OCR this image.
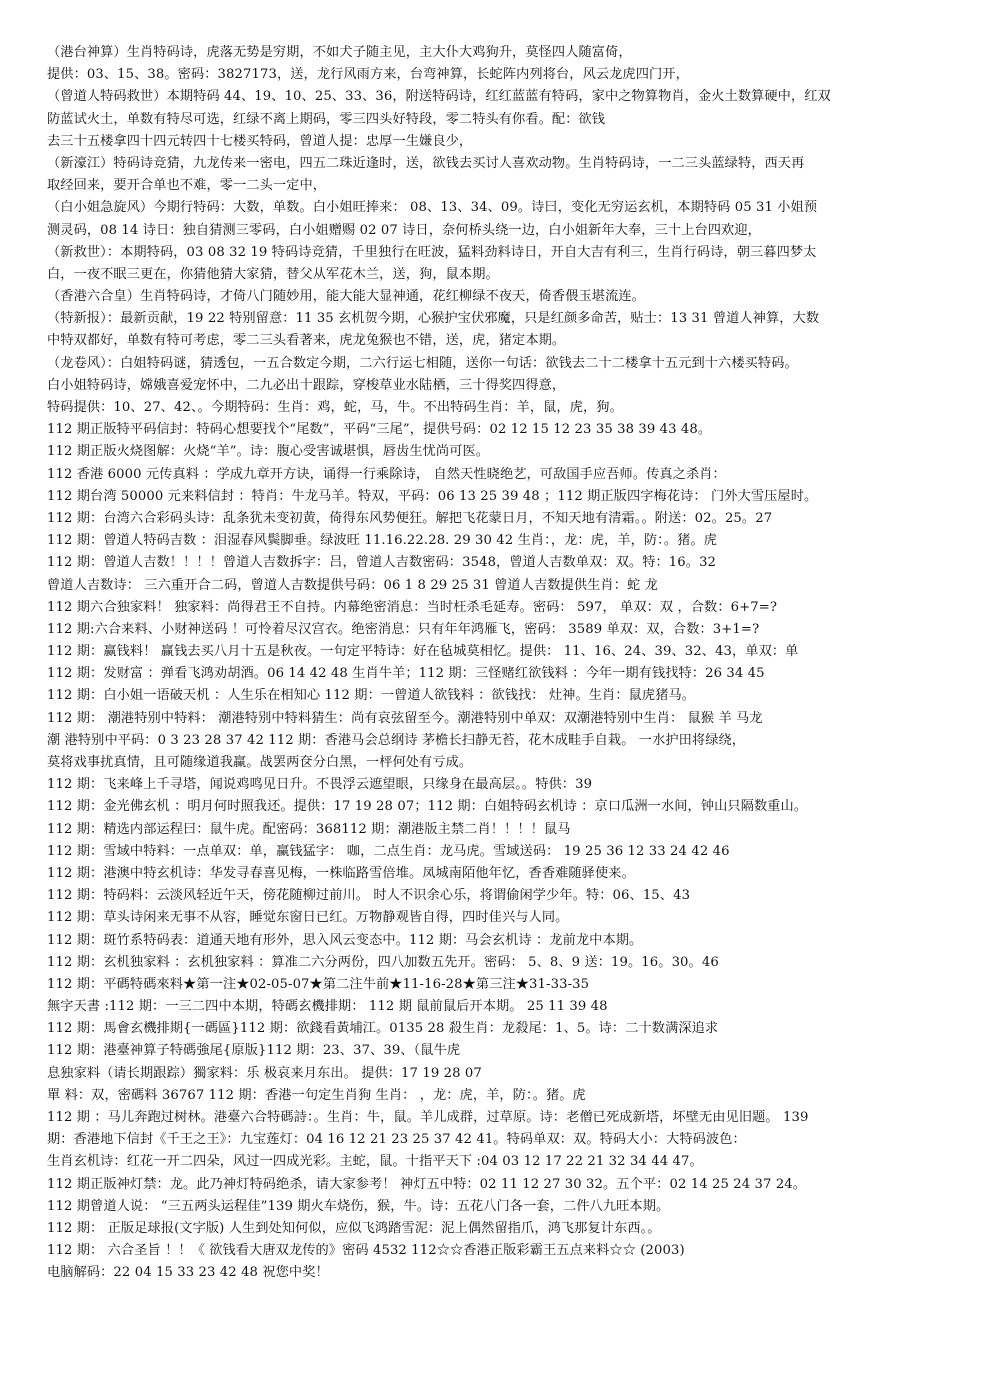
（港台神算）生肖特码诗，虎落无势是穷期，不如犬子随主见，主大仆大鸡狗升，莫怪四人随富倚，
提供：03、15、38。密码：3827173，送，龙行风雨方来，台弯神算，长蛇阵内列将台，风云龙虎四门开，
（曾道人特码救世）本期特码 44、19、10、25、33、36，附送特码诗，红红蓝蓝有特码，家中之物算物肖，金火土数算硬中，红双
防蓝试火土，单数有特尽可选，红绿不离上期码，零三四头好特段，零二特头有你看。配：欲钱
去三十五楼拿四十四元转四十七楼买特码，曾道人提：忠厚一生嫌良少，
（新濠江）特码诗竞猜，九龙传来一密电，四五二珠近逢时，送，欲钱去买讨人喜欢动物。生肖特码诗，一二三头蓝绿特，西天再
取经回来，要开合单也不难，零一二头一定中，
（白小姐急旋风）今期行特码：大数，单数。白小姐旺捧来： 08、13、34、09。诗曰，变化无穷运玄机，本期特码 05 31 小姐预
测灵码，08 14 诗日：独自猜测三零码，白小姐赠赐 02 07 诗日，奈何桥头绕一边，白小姐新年大奉，三十上台四欢迎，
（新救世）：本期特码，03 08 32 19 特码诗竞猜，千里独行在旺波，猛料劲料诗日，开自大吉有利三，生肖行码诗，朝三暮四梦太
白，一夜不眠三更在，你猜他猜大家猜，替父从军花木兰，送，狗，鼠本期。
（香港六合皇）生肖特码诗，才倚八门随妙用，能大能大显神通，花红柳绿不夜天，倚香偎玉堪流连。
（特新报）：最新贡献，19 22 特别留意：11 35 玄机贺今期，心猴护宝伏邪魔，只是红颜多命苦，贴士：13 31 曾道人神算，大数
中特双都好，单数有特可考虑，零二三头看著来，虎龙兔猴也不错，送，虎，猪定本期。
（龙卷风）：白姐特码谜，猜透包，一五合数定今期，二六行运七相随，送你一句话：欲钱去二十二楼拿十五元到十六楼买特码。
白小姐特码诗，嫦娥喜爱宠怀中，二九必出十跟踪，穿梭草业水陆栖，三十得奖四得意，
特码提供：10、27、42、。今期特码：生肖：鸡，蛇，马，牛。不出特码生肖：羊，鼠，虎，狗。
112 期正版特平码信封：特码心想要找个“尾数”，平码“三尾”，提供号码：02 12 15 12 23 35 38 39 43 48。
112 期正版火烧图解：火烧“羊”。诗：腹心受害诚堪惧，唇齿生忧尚可医。
112 香港 6000 元传真料 ：学成九章开方诀，诵得一行乘除诗， 自然天性晓绝艺，可敌国手应吾师。传真之杀肖：
112 期台湾 50000 元来料信封 ：特肖：牛龙马羊。特双，平码：06 13 25 39 48 ；112 期正版四字梅花诗： 门外大雪压屋时。
112 期：台湾六合彩码头诗：乱条犹未变初黄，倚得东风势便狂。解把飞花蒙日月，不知天地有清霜。。附送：02。25。27
112 期：曾道人特码吉数 ：泪湿春风鬓脚垂。绿波旺 11.16.22.28. 29 30 42 生肖：，龙：虎，羊，防：。猪。虎
112 期：曾道人吉数！！！！曾道人吉数拆字：吕，曾道人吉数密码：3548，曾道人吉数单双：双。特：16。32
曾道人吉数诗： 三六重开合二码，曾道人吉数提供号码：06 1 8 29 25 31 曾道人吉数提供生肖：蛇 龙
112 期六合独家料！ 独家料：尚得君王不自持。内幕绝密消息：当时枉杀毛延寿。密码： 597， 单双：双 ，合数：6+7=?
112 期:六合来料、小财神送码 ！可怜着尽汉宫衣。绝密消息：只有年年鸿雁飞，密码： 3589 单双：双，合数：3+1=?
112 期：赢钱料！ 赢钱去买八月十五是秋夜。一句定平特诗：好在毡城莫相忆。提供： 11、16、24、39、32、43，单双：单
112 期：发财富 ：弹看飞鸿劝胡酒。06 14 42 48 生肖牛羊；112 期：三怪赌红欲钱料 ：今年一期有钱找特：26 34 45
112 期：白小姐一语破天机 ：人生乐在相知心 112 期：一曾道人欲钱料 ：欲钱找： 灶神。生肖：鼠虎猪马。
112 期： 潮港特别中特料： 潮港特别中特料猜生：尚有哀弦留至今。潮港特别中单双：双潮港特别中生肖： 鼠猴 羊 马龙
潮 港特别中平码：0 3 23 28 37 42 112 期：香港马会总纲诗 茅檐长扫静无苔，花木成畦手自栽。 一水护田将绿绕，
莫将戏事扰真情，且可随缘道我赢。战罢两奁分白黑，一枰何处有亏成。
112 期：飞来峰上千寻塔，闻说鸡鸣见日升。不畏浮云遮望眼，只缘身在最高层。。特供：39
112 期：金光佛玄机 ：明月何时照我还。提供：17 19 28 07；112 期：白姐特码玄机诗 ：京口瓜洲一水间，钟山只隔数重山。
112 期：精选内部运程曰：鼠牛虎。配密码：368112 期：潮港版主禁二肖！！！！鼠马
112 期：雪域中特料：一点单双：单，赢钱猛字： 咖，二点生肖：龙马虎。雪域送码： 19 25 36 12 33 24 42 46
112 期：港澳中特玄机诗：华发寻春喜见梅，一株临路雪倍堆。凤城南陌他年忆，香香难随驿使来。
112 期：特码料：云淡风轻近午天，傍花随柳过前川。 时人不识余心乐，将谓偷闲学少年。特：06、15、43
112 期：草头诗闲来无事不从容，睡觉东窗日已红。万物静观皆自得，四时佳兴与人同。
112 期：斑竹系特码表：道通天地有形外，思入风云变态中。112 期：马会玄机诗 ：龙前龙中本期。
112 期：玄机独家料 ：玄机独家料 ：算准二六分两份，四八加数五先开。密码： 5、8、9 送：19。16。30。46
112 期：平碼特碼來料★第一注★02-05-07★第二注牛前★11-16-28★第三注★31-33-35
無字天書 :112 期：一三二四中本期，特碼玄機排期： 112 期 鼠前鼠后开本期。 25 11 39 48
112 期：馬會玄機排期{一碼區}112 期：欲錢看黃埔江。0135 28 殺生肖：龙殺尾：1、5。诗：二十数满深追求
112 期：港臺神算子特碼強尾{原版}112 期：23、37、39、（鼠牛虎
息独家料（请长期跟踪）獨家料：乐 极哀来月东出。 提供：17 19 28 07
單 料：双，密碼料 36767 112 期：香港一句定生肖狗 生肖： ，龙：虎，羊，防：。猪。虎
112 期 ：马儿奔跑过树林。港臺六合特碼詩：。生肖：牛，鼠。羊儿成群，过草原。诗：老僧已死成新塔，坏壁无由见旧题。 139
期：香港地下信封《千王之王》：九宝莲灯：04 16 12 21 23 25 37 42 41。特码单双：双。特码大小：大特码波色：
生肖玄机诗：红花一开二四朵，风过一四成光彩。主蛇，鼠。十指平天下 :04 03 12 17 22 21 32 34 44 47。
112 期正版神灯禁：龙。此乃神灯特码绝杀，请大家参考！ 神灯五中特：02 11 12 27 30 32。五个平：02 14 25 24 37 24。
112 期曾道人说： “三五两头运程佳”139 期火车烧伤，猴，牛。诗：五花八门各一套，二件八九旺本期。
112 期： 正版足球报(文字版) 人生到处知何似，应似飞鸿踏雪泥：泥上偶然留指爪，鸿飞那复计东西。。
112 期： 六合圣旨 ！！《 欲钱看大唐双龙传的》密码 4532 112☆☆香港正版彩霸王五点来料☆☆ (2003)
电脑解码：22 04 15 33 23 42 48 祝您中奖！
